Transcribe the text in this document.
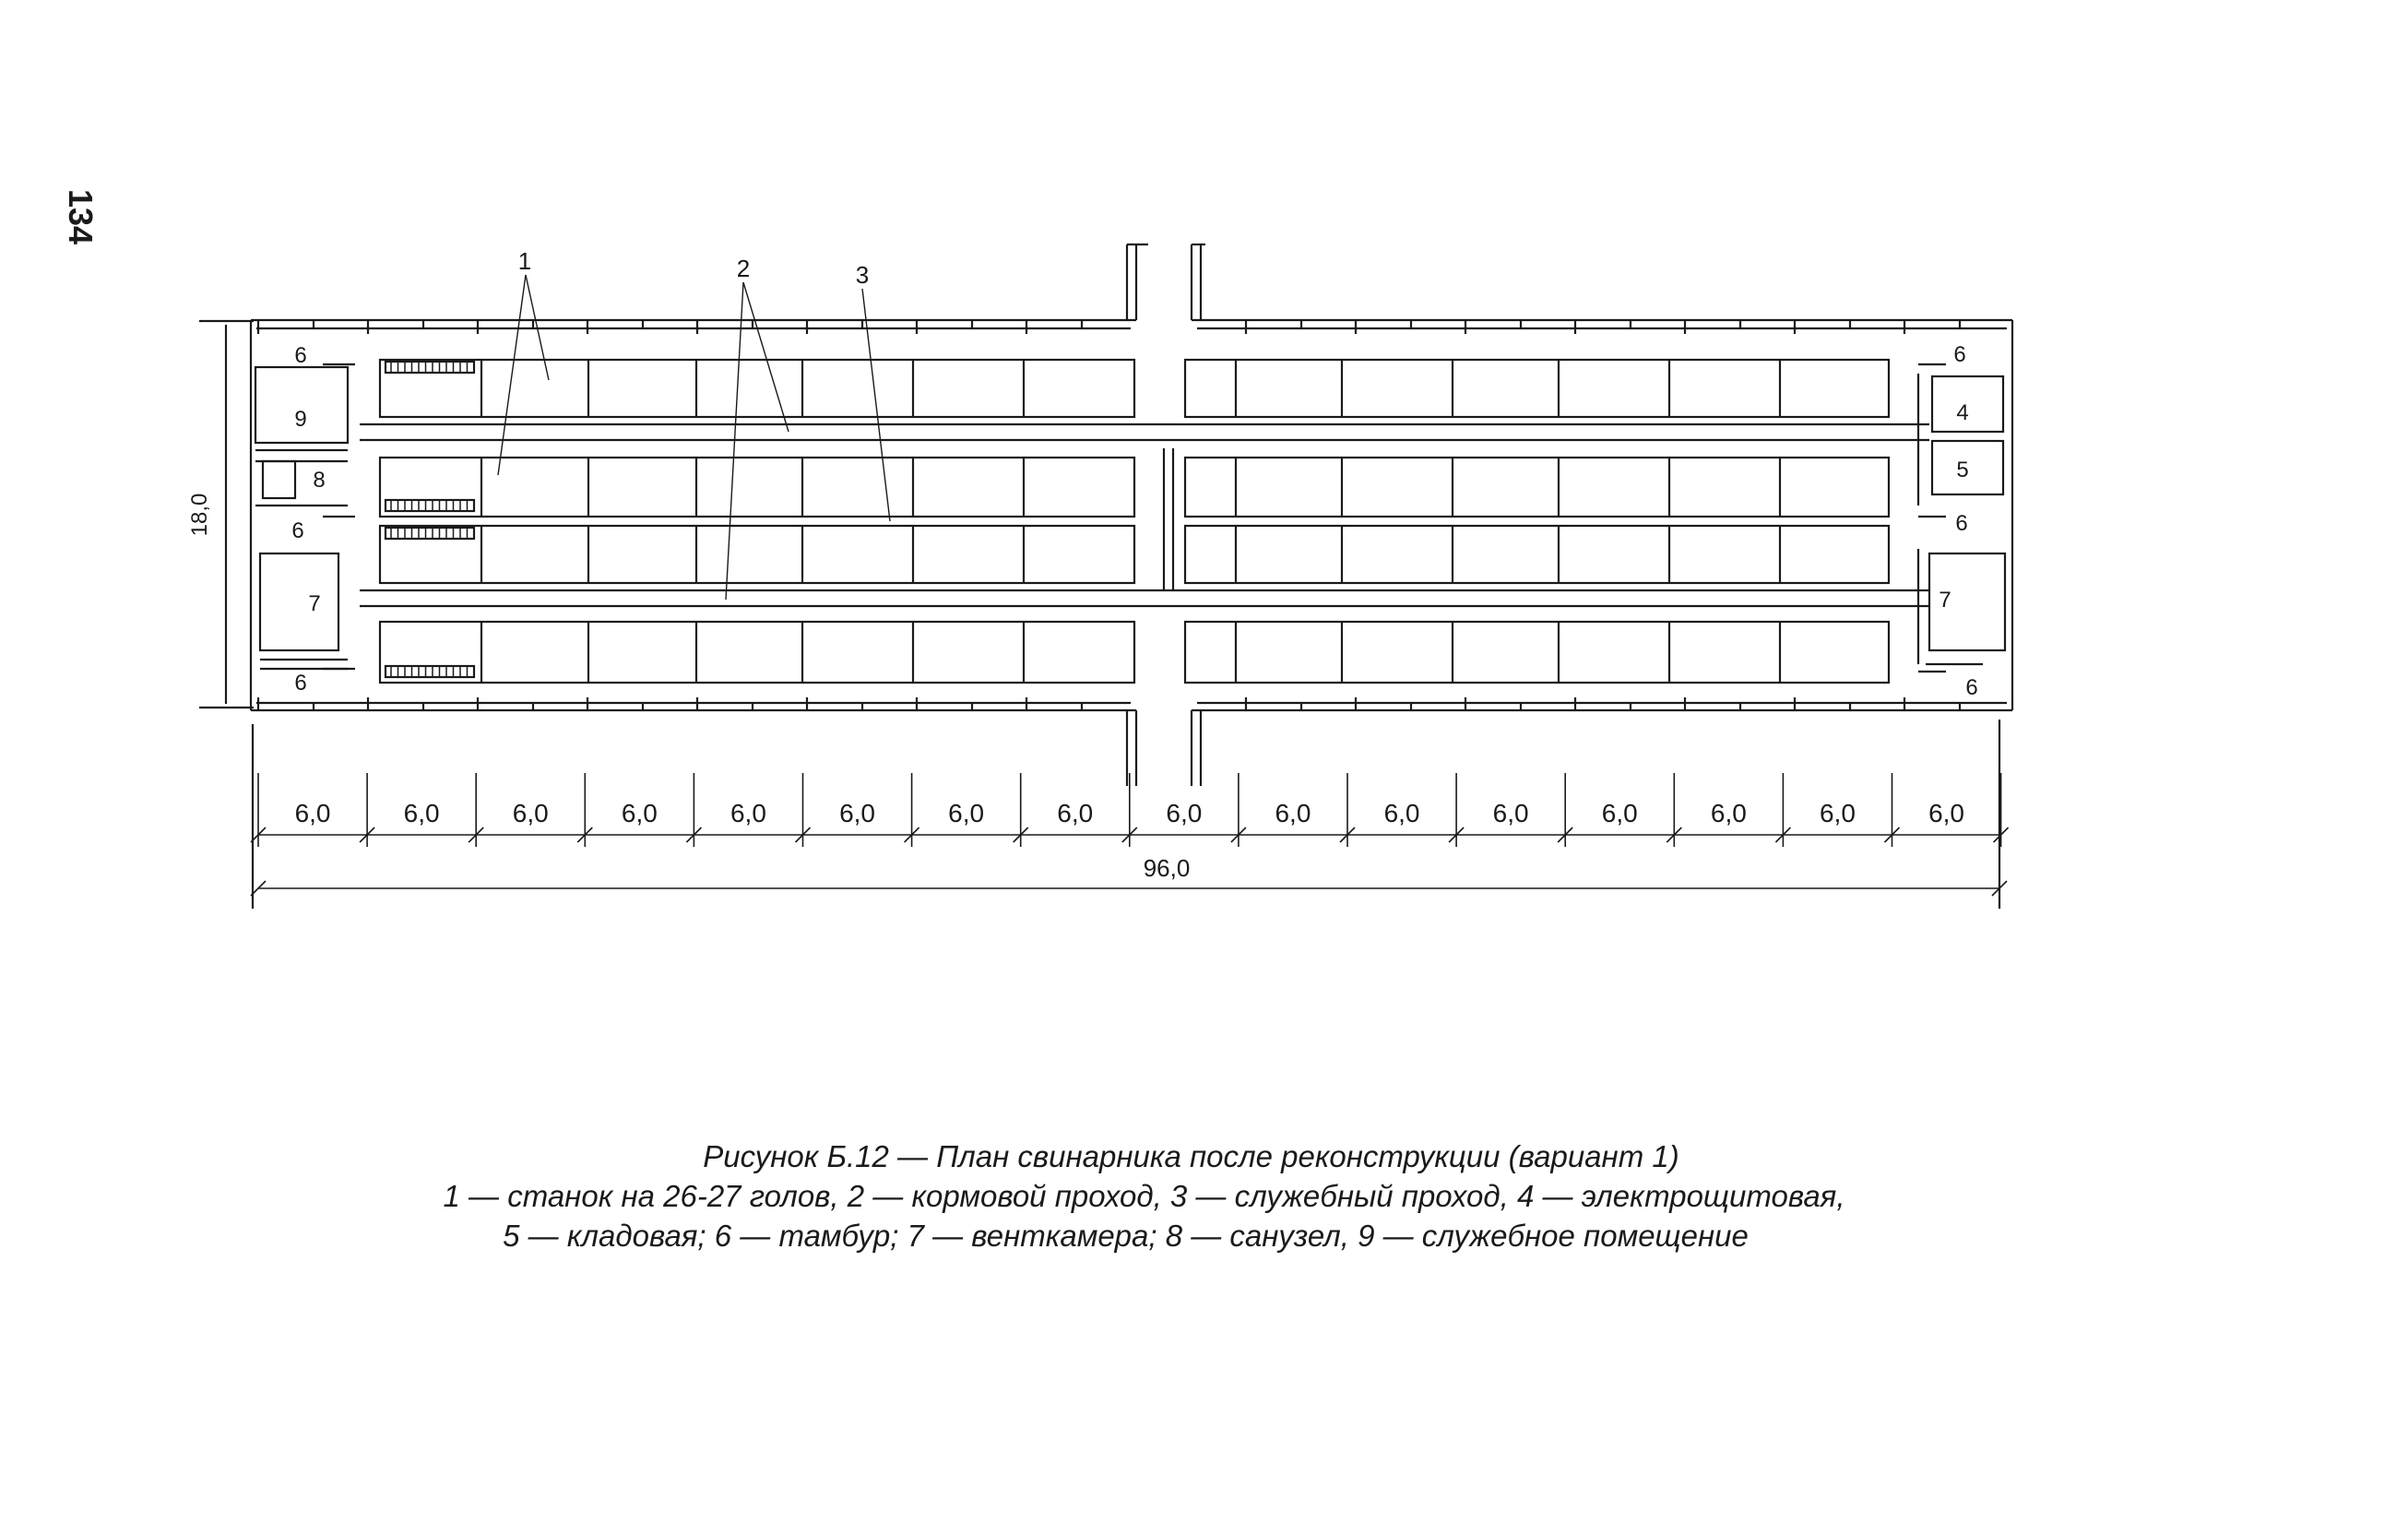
134
18,0
6,0	6,0	6,0	6,0	6,0	6,0	6,0	6,0	6,0	6,0	6,0	6,0	6,0	6,0	6,0	6,0
96,0
1	2	3
6
9
8
6
7
6
6
4
5
6
7
6
Рисунок Б.12 — План свинарника после реконструкции (вариант 1)
1 — станок на 26-27 голов, 2 — кормовой проход, 3 — служебный проход, 4 — электрощитовая,
5 — кладовая; 6 — тамбур; 7 — венткамера; 8 — санузел, 9 — служебное помещение
